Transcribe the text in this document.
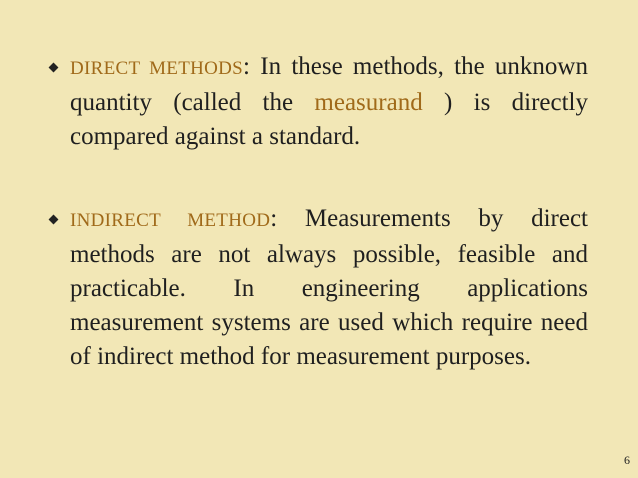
DIRECT METHODS: In these methods, the unknown quantity (called the measurand ) is directly compared against a standard.
INDIRECT METHOD: Measurements by direct methods are not always possible, feasible and practicable. In engineering applications measurement systems are used which require need of indirect method for measurement purposes.
6
